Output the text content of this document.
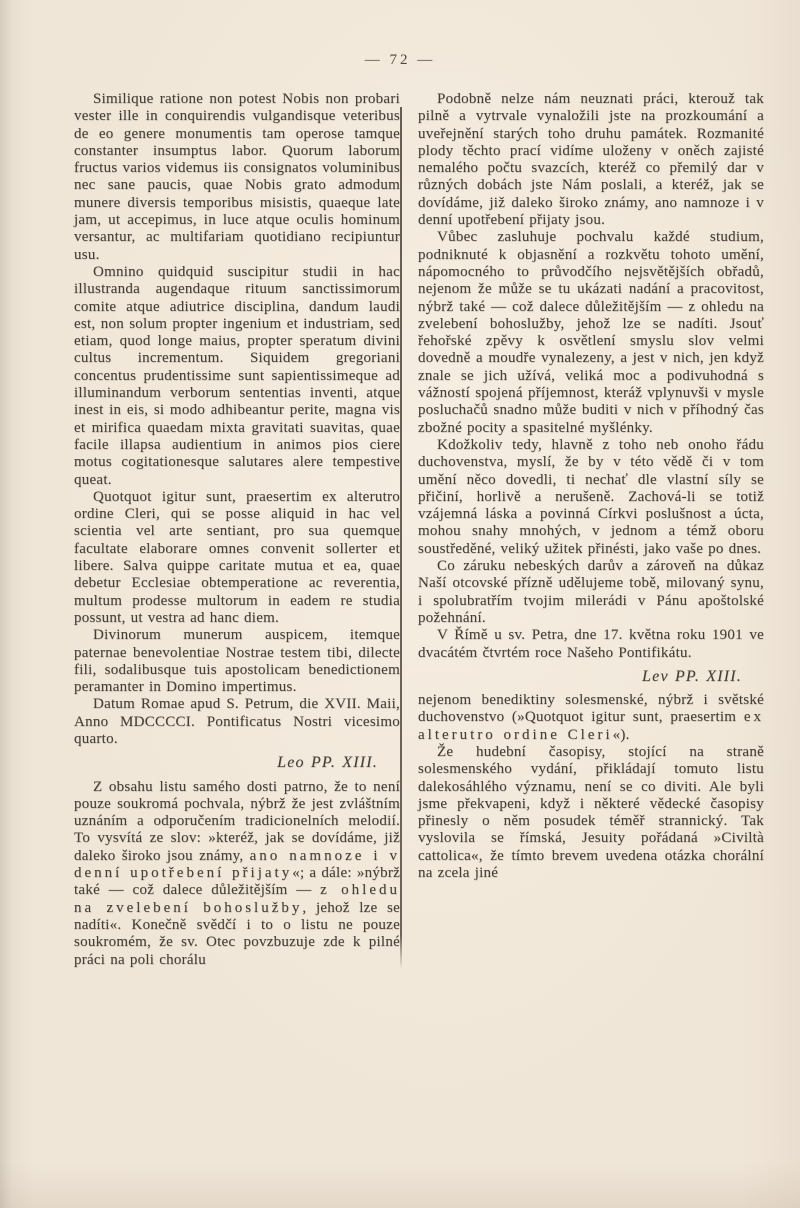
— 72 —

Similique ratione non potest Nobis non probari vester ille in conquirendis vulgandisque veteribus de eo genere monumentis tam operose tamque constanter insumptus labor. Quorum laborum fructus varios videmus iis consignatos voluminibus nec sane paucis, quae Nobis grato admodum munere diversis temporibus misistis, quaeque late jam, ut accepimus, in luce atque oculis hominum versantur, ac multifariam quotidiano recipiuntur usu.

Omnino quidquid suscipitur studii in hac illustranda augendaque rituum sanctissimorum comite atque adiutrice disciplina, dandum laudi est, non solum propter ingenium et industriam, sed etiam, quod longe maius, propter speratum divini cultus incrementum. Siquidem gregoriani concentus prudentissime sunt sapientissimeque ad illuminandum verborum sententias inventi, atque inest in eis, si modo adhibeantur perite, magna vis et mirifica quaedam mixta gravitati suavitas, quae facile illapsa audientium in animos pios ciere motus cogitationesque salutares alere tempestive queat.

Quotquot igitur sunt, praesertim ex alterutro ordine Cleri, qui se posse aliquid in hac vel scientia vel arte sentiant, pro sua quemque facultate elaborare omnes convenit sollerter et libere. Salva quippe caritate mutua et ea, quae debetur Ecclesiae obtemperatione ac reverentia, multum prodesse multorum in eadem re studia possunt, ut vestra ad hanc diem.

Divinorum munerum auspicem, itemque paternae benevolentiae Nostrae testem tibi, dilecte fili, sodalibusque tuis apostolicam benedictionem peramanter in Domino impertimus.

Datum Romae apud S. Petrum, die XVII. Maii, Anno MDCCCCI. Pontificatus Nostri vicesimo quarto.

Leo PP. XIII.

Z obsahu listu samého dosti patrno, že to není pouze soukromá pochvala, nýbrž že jest zvláštním uznáním a odporučením tradicionelních melodií. To vysvítá ze slov: »kteréž, jak se dovídáme, již daleko široko jsou známy, ano namnoze i v denní upotřebení přijaty«; a dále: »nýbrž také — což dalece důležitějším — z ohledu na zvelebení bohoslužby, jehož lze se nadíti«. Konečně svědčí i to o listu ne pouze soukromém, že sv. Otec povzbuzuje zde k pilné práci na poli chorálu

Podobně nelze nám neuznati práci, kterouž tak pilně a vytrvale vynaložili jste na prozkoumání a uveřejnění starých toho druhu památek. Rozmanité plody těchto prací vidíme uloženy v oněch zajisté nemalého počtu svazcích, kteréž co přemilý dar v různých dobách jste Nám poslali, a kteréž, jak se dovídáme, již daleko široko známy, ano namnoze i v denní upotřebení přijaty jsou.

Vůbec zasluhuje pochvalu každé studium, podniknuté k objasnění a rozkvětu tohoto umění, nápomocného to průvodčího nejsvětějších obřadů, nejenom že může se tu ukázati nadání a pracovitost, nýbrž také — což dalece důležitějším — z ohledu na zvelebení bohoslužby, jehož lze se nadíti. Jsouť řehořské zpěvy k osvětlení smyslu slov velmi dovedně a moudře vynalezeny, a jest v nich, jen když znale se jich užívá, veliká moc a podivuhodná s vážností spojená příjemnost, kteráž vplynuvši v mysle posluchačů snadno může buditi v nich v příhodný čas zbožné pocity a spasitelné myšlénky.

Kdožkoliv tedy, hlavně z toho neb onoho řádu duchovenstva, myslí, že by v této vědě či v tom umění něco dovedli, ti nechať dle vlastní síly se přičiní, horlivě a nerušeně. Zachová-li se totiž vzájemná láska a povinná Církvi poslušnost a úcta, mohou snahy mnohých, v jednom a témž oboru soustředěné, veliký užitek přinésti, jako vaše po dnes.

Co záruku nebeských darův a zároveň na důkaz Naší otcovské přízně udělujeme tobě, milovaný synu, i spolubratřím tvojim milerádi v Pánu apoštolské požehnání.

V Římě u sv. Petra, dne 17. května roku 1901 ve dvacátém čtvrtém roce Našeho Pontifikátu.

Lev PP. XIII.

nejenom benediktiny solesmenské, nýbrž i světské duchovenstvo (»Quotquot igitur sunt, praesertim ex alterutro ordine Cleri«).

Že hudební časopisy, stojící na straně solesmenského vydání, přikládají tomuto listu dalekosáhlého významu, není se co diviti. Ale byli jsme překvapeni, když i některé vědecké časopisy přinesly o něm posudek téměř strannický. Tak vyslovila se římská, Jesuity pořádaná »Civiltà cattolica«, že tímto brevem uvedena otázka chorální na zcela jiné
